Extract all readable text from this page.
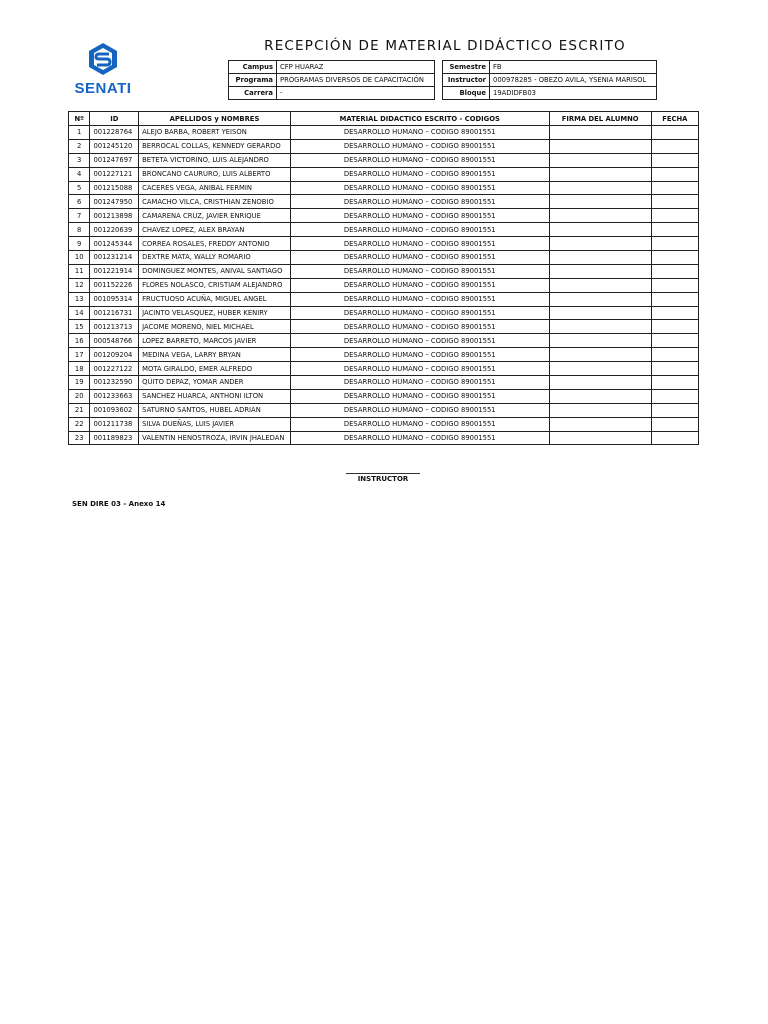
SENATI
RECEPCIÓN DE MATERIAL DIDÁCTICO ESCRITO
Campus	CFP HUARAZ
Programa	PROGRAMAS DIVERSOS DE CAPACITACIÓN
Carrera	-
Semestre	FB
Instructor	000978285 - OBEZO AVILA, YSENIA MARISOL
Bloque	19ADIDFB03
Nº	ID	APELLIDOS y NOMBRES	MATERIAL DIDACTICO ESCRITO - CODIGOS	FIRMA DEL ALUMNO	FECHA
1	001228764	ALEJO BARBA, ROBERT YEISON	DESARROLLO HUMANO – CODIGO 89001551		
2	001245120	BERROCAL COLLAS, KENNEDY GERARDO	DESARROLLO HUMANO – CODIGO 89001551		
3	001247697	BETETA VICTORINO, LUIS ALEJANDRO	DESARROLLO HUMANO – CODIGO 89001551		
4	001227121	BRONCANO CAURURO, LUIS ALBERTO	DESARROLLO HUMANO – CODIGO 89001551		
5	001215088	CACERES VEGA, ANIBAL FERMIN	DESARROLLO HUMANO – CODIGO 89001551		
6	001247950	CAMACHO VILCA, CRISTHIAN ZENOBIO	DESARROLLO HUMANO – CODIGO 89001551		
7	001213898	CAMARENA CRUZ, JAVIER ENRIQUE	DESARROLLO HUMANO – CODIGO 89001551		
8	001220639	CHAVEZ LOPEZ, ALEX BRAYAN	DESARROLLO HUMANO – CODIGO 89001551		
9	001245344	CORREA ROSALES, FREDDY ANTONIO	DESARROLLO HUMANO – CODIGO 89001551		
10	001231214	DEXTRE MATA, WALLY ROMARIO	DESARROLLO HUMANO – CODIGO 89001551		
11	001221914	DOMINGUEZ MONTES, ANIVAL SANTIAGO	DESARROLLO HUMANO – CODIGO 89001551		
12	001152226	FLORES NOLASCO, CRISTIAM ALEJANDRO	DESARROLLO HUMANO – CODIGO 89001551		
13	001095314	FRUCTUOSO ACUÑA, MIGUEL ANGEL	DESARROLLO HUMANO – CODIGO 89001551		
14	001216731	JACINTO VELASQUEZ, HUBER KENIRY	DESARROLLO HUMANO – CODIGO 89001551		
15	001213713	JACOME MORENO, NIEL MICHAEL	DESARROLLO HUMANO – CODIGO 89001551		
16	000548766	LOPEZ BARRETO, MARCOS JAVIER	DESARROLLO HUMANO – CODIGO 89001551		
17	001209204	MEDINA VEGA, LARRY BRYAN	DESARROLLO HUMANO – CODIGO 89001551		
18	001227122	MOTA GIRALDO, EMER ALFREDO	DESARROLLO HUMANO – CODIGO 89001551		
19	001232590	QUITO DEPAZ, YOMAR ANDER	DESARROLLO HUMANO – CODIGO 89001551		
20	001233663	SANCHEZ HUARCA, ANTHONI ILTON	DESARROLLO HUMANO – CODIGO 89001551		
21	001093602	SATURNO SANTOS, HUBEL ADRIAN	DESARROLLO HUMANO – CODIGO 89001551		
22	001211738	SILVA DUEÑAS, LUIS JAVIER	DESARROLLO HUMANO – CODIGO 89001551		
23	001189823	VALENTIN HENOSTROZA, IRVIN JHALEDAN	DESARROLLO HUMANO – CODIGO 89001551		
INSTRUCTOR
SEN DIRE 03 - Anexo 14
